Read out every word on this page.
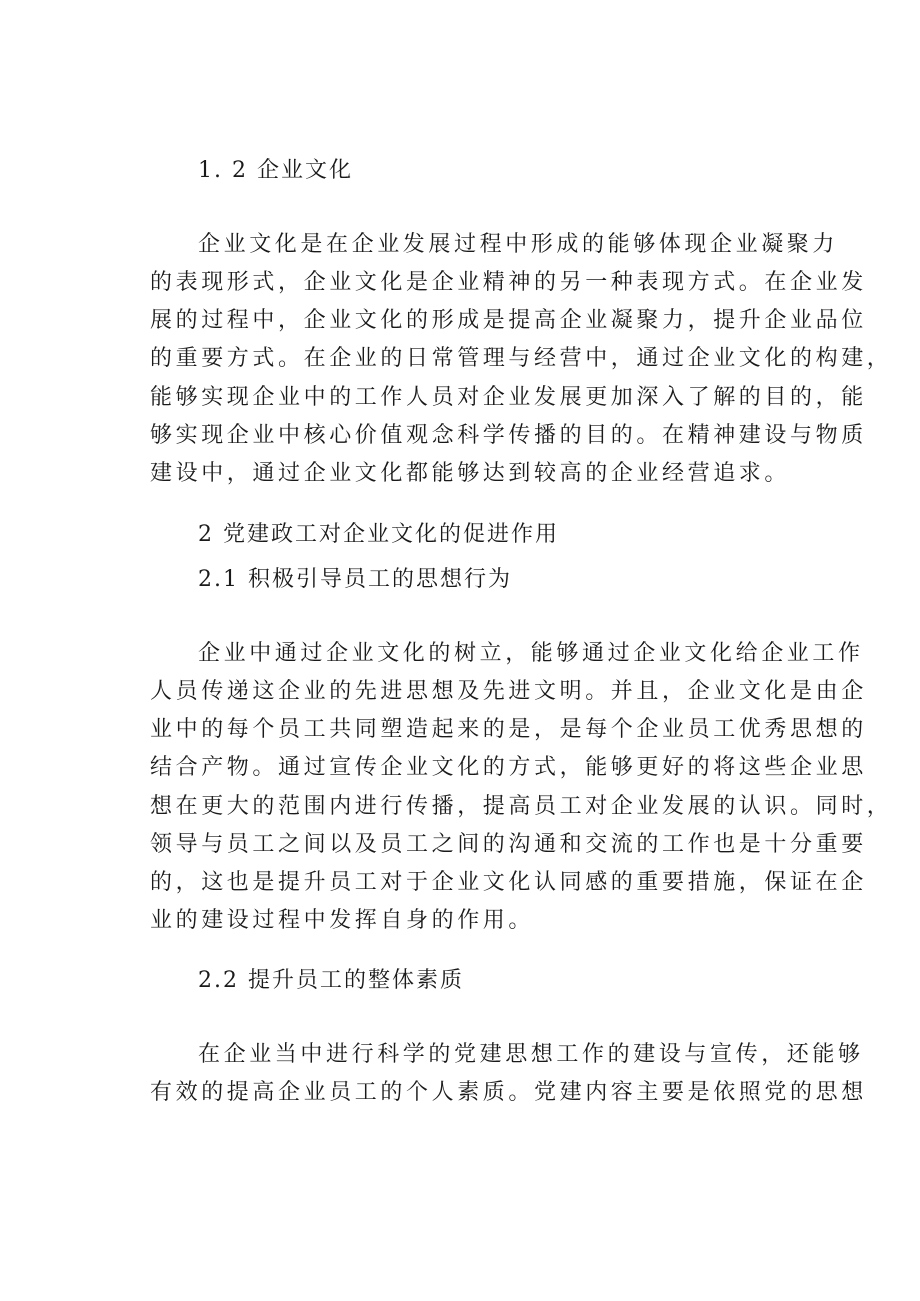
1. 2 企业文化
企业文化是在企业发展过程中形成的能够体现企业凝聚力
的表现形式，企业文化是企业精神的另一种表现方式。在企业发
展的过程中，企业文化的形成是提高企业凝聚力，提升企业品位
的重要方式。在企业的日常管理与经营中，通过企业文化的构建，
能够实现企业中的工作人员对企业发展更加深入了解的目的，能
够实现企业中核心价值观念科学传播的目的。在精神建设与物质
建设中，通过企业文化都能够达到较高的企业经营追求。
2 党建政工对企业文化的促进作用
2.1 积极引导员工的思想行为
企业中通过企业文化的树立，能够通过企业文化给企业工作
人员传递这企业的先进思想及先进文明。并且，企业文化是由企
业中的每个员工共同塑造起来的是，是每个企业员工优秀思想的
结合产物。通过宣传企业文化的方式，能够更好的将这些企业思
想在更大的范围内进行传播，提高员工对企业发展的认识。同时，
领导与员工之间以及员工之间的沟通和交流的工作也是十分重要
的，这也是提升员工对于企业文化认同感的重要措施，保证在企
业的建设过程中发挥自身的作用。
2.2 提升员工的整体素质
在企业当中进行科学的党建思想工作的建设与宣传，还能够
有效的提高企业员工的个人素质。党建内容主要是依照党的思想
